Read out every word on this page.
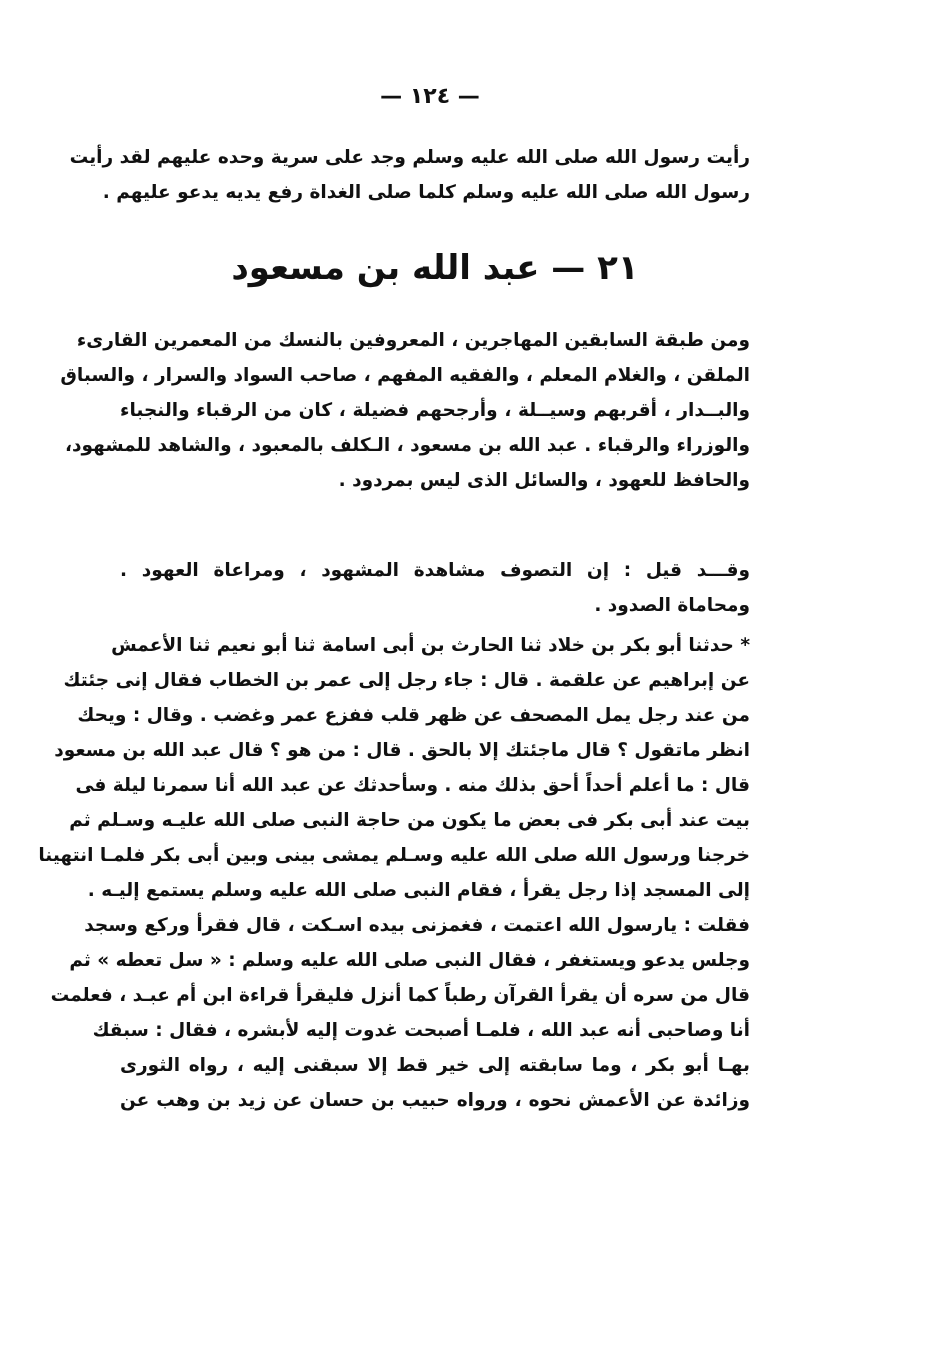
— ١٢٤ —
رأيت رسول الله صلى الله عليه وسلم وجد على سرية وحده عليهم لقد رأيت
رسول الله صلى الله عليه وسلم كلما صلى الغداة رفع يديه يدعو عليهم .
٢١ — عبد الله بن مسعود
ومن طبقة السابقين المهاجرين ، المعروفين بالنسك من المعمرين القارىء
الملقن ، والغلام المعلم ، والفقيه المفهم ، صاحب السواد والسرار ، والسباق
والبــدار ، أقربهم وسيــلة ، وأرجحهم فضيلة ، كان من الرقباء والنجباء
والوزراء والرقباء . عبد الله بن مسعود ، الـكلف بالمعبود ، والشاهد للمشهود،
والحافظ للعهود ، والسائل الذى ليس بمردود .
وقـــد قيل : إن التصوف مشاهدة المشهود ، ومراعاة العهود .
ومحاماة الصدود .
* حدثنا أبو بكر بن خلاد ثنا الحارث بن أبى اسامة ثنا أبو نعيم ثنا الأعمش
عن إبراهيم عن علقمة . قال : جاء رجل إلى عمر بن الخطاب فقال إنى جئتك
من عند رجل يمل المصحف عن ظهر قلب ففزع عمر وغضب . وقال : ويحك
انظر ماتقول ؟ قال ماجئتك إلا بالحق . قال : من هو ؟ قال عبد الله بن مسعود
قال : ما أعلم أحداً أحق بذلك منه . وسأحدثك عن عبد الله أنا سمرنا ليلة فى
بيت عند أبى بكر فى بعض ما يكون من حاجة النبى صلى الله عليـه وسـلم ثم
خرجنا ورسول الله صلى الله عليه وسـلم يمشى بينى وبين أبى بكر فلمـا انتهينا
إلى المسجد إذا رجل يقرأ ، فقام النبى صلى الله عليه وسلم يستمع إليـه .
فقلت : يارسول الله اعتمت ، فغمزنى بيده اسـكت ، قال فقرأ وركع وسجد
وجلس يدعو ويستغفر ، فقال النبى صلى الله عليه وسلم : « سل تعطه » ثم
قال من سره أن يقرأ القرآن رطباً كما أنزل فليقرأ قراءة ابن أم عبـد ، فعلمت
أنا وصاحبى أنه عبد الله ، فلمـا أصبحت غدوت إليه لأبشره ، فقال : سبقك
بهـا أبو بكر ، وما سابقته إلى خير قط إلا سبقنى إليه ، رواه الثورى
وزائدة عن الأعمش نحوه ، ورواه حبيب بن حسان عن زيد بن وهب عن
